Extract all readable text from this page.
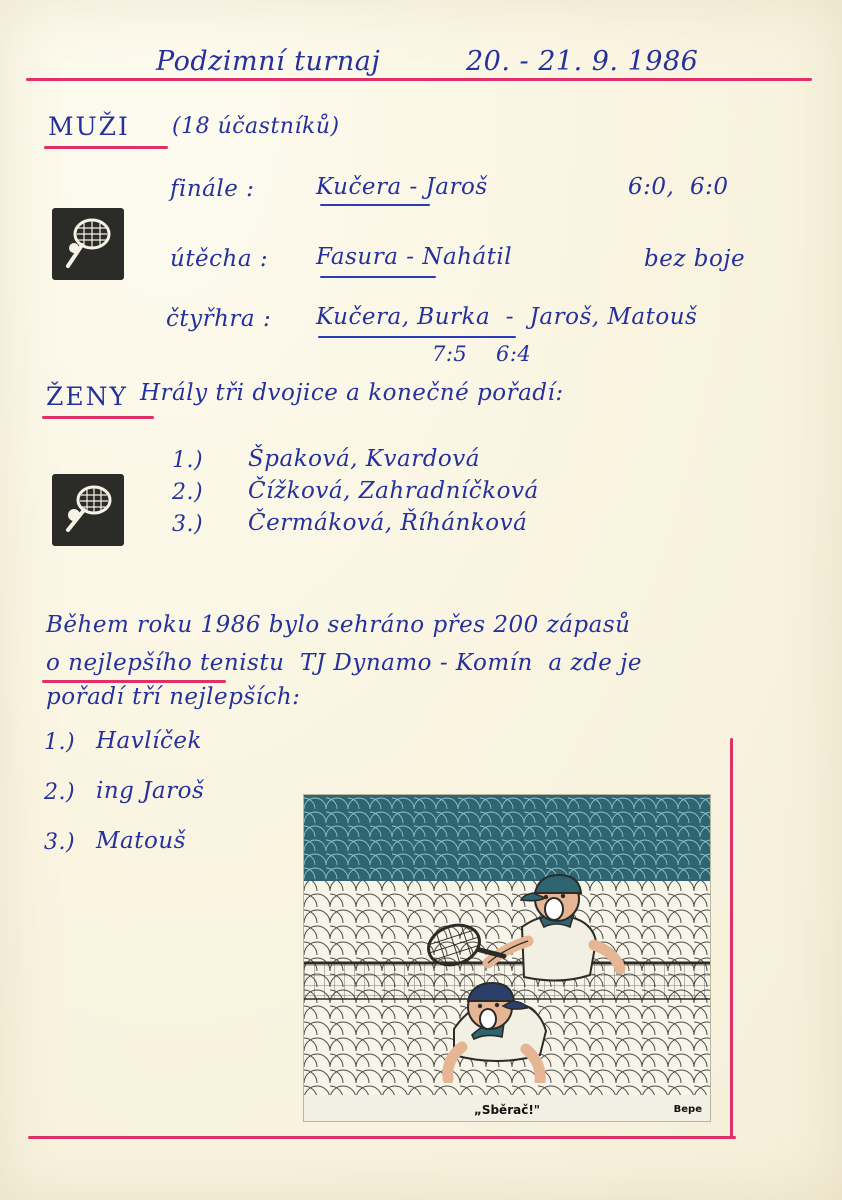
Podzimní turnaj	20. - 21. 9. 1986
MUŽI (18 účastníků)
finále :	Kučera - Jaroš	6:0,  6:0
útěcha : Fasura - Nahátil	bez boje
čtyřhra : Kučera, Burka  -  Jaroš, Matouš
7:5    6:4
ŽENY Hrály tři dvojice a konečné pořadí:
1.) Špaková, Kvardová
2.) Čížková, Zahradníčková
3.) Čermáková, Říhánková
Během roku 1986 bylo sehráno přes 200 zápasů
o nejlepšího tenistu  TJ Dynamo - Komín  a zde je
pořadí tří nejlepších:
1.) Havlíček
2.) ing Jaroš
3.) Matouš
„Sběrač!"	Bepe
